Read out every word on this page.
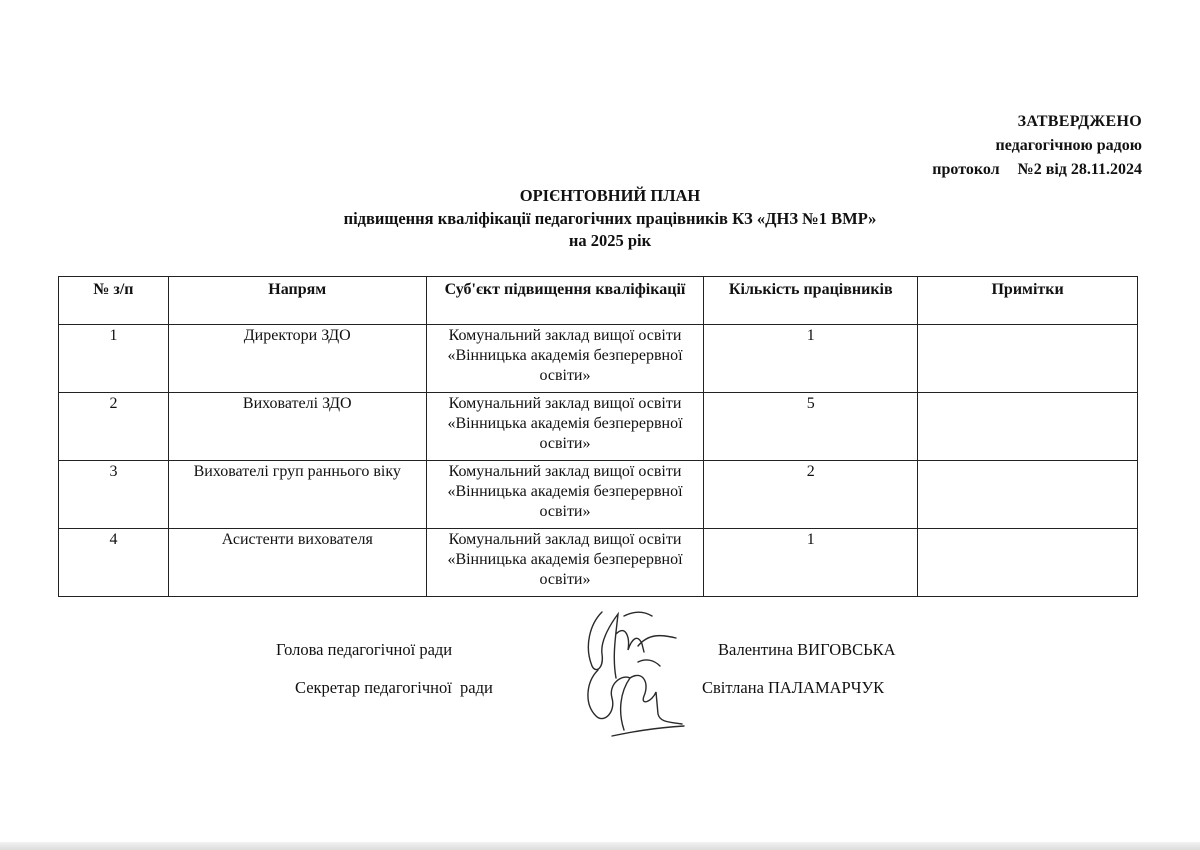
ЗАТВЕРДЖЕНО
педагогічною радою
протокол №2 від 28.11.2024
ОРІЄНТОВНИЙ ПЛАН
підвищення кваліфікації педагогічних працівників КЗ «ДНЗ №1 ВМР»
на 2025 рік
№ з/п	Напрям	Суб'єкт підвищення кваліфікації	Кількість працівників	Примітки
1	Директори ЗДО	Комунальний заклад вищої освіти «Вінницька академія безперервної освіти»	1	
2	Вихователі ЗДО	Комунальний заклад вищої освіти «Вінницька академія безперервної освіти»	5	
3	Вихователі груп раннього віку	Комунальний заклад вищої освіти «Вінницька академія безперервної освіти»	2	
4	Асистенти вихователя	Комунальний заклад вищої освіти «Вінницька академія безперервної освіти»	1	
Голова педагогічної ради	Валентина ВИГОВСЬКА
Секретар педагогічної  ради	Світлана ПАЛАМАРЧУК
